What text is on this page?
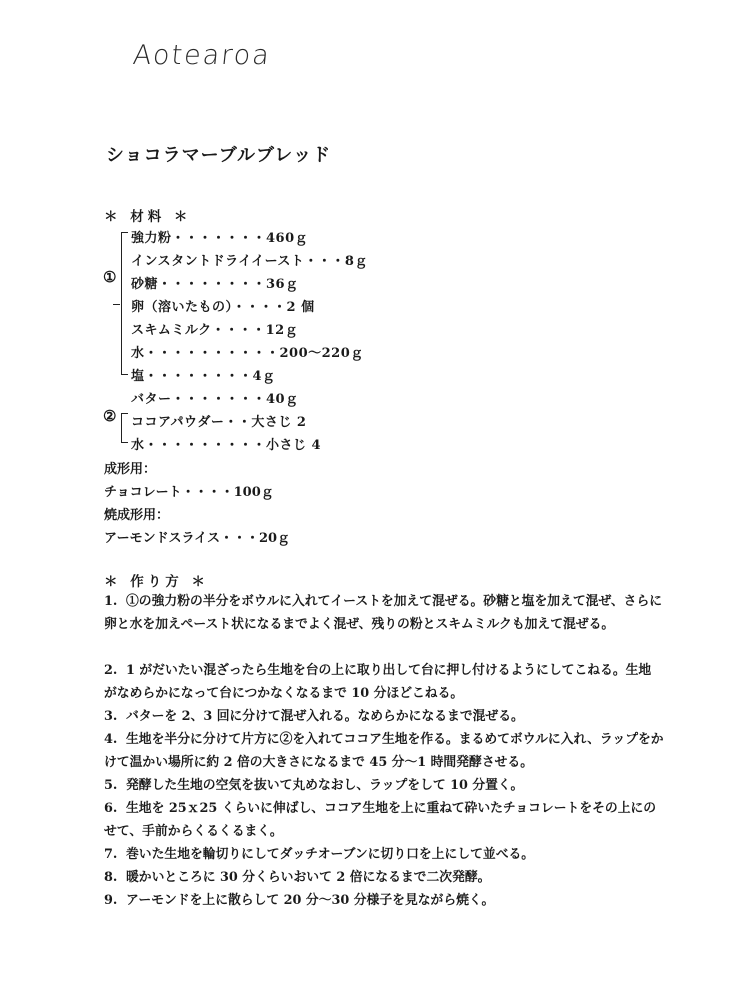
Aotearoa
ショコラマーブルブレッド
＊ 材料 ＊
①
強力粉・・・・・・・460ｇ
インスタントドライイースト・・・8ｇ
砂糖・・・・・・・・36ｇ
卵（溶いたもの）・・・・2 個
スキムミルク・・・・12ｇ
水・・・・・・・・・・200～220ｇ
塩・・・・・・・・4ｇ
バター・・・・・・・40ｇ
② ココアパウダー・・大さじ 2
水・・・・・・・・・小さじ 4
成形用：
チョコレート・・・・100ｇ
焼成形用：
アーモンドスライス・・・20ｇ
＊ 作り方 ＊
1. ①の強力粉の半分をボウルに入れてイーストを加えて混ぜる。砂糖と塩を加えて混ぜ、さらに卵と水を加えペースト状になるまでよく混ぜ、残りの粉とスキムミルクも加えて混ぜる。
2. 1 がだいたい混ざったら生地を台の上に取り出して台に押し付けるようにしてこねる。生地がなめらかになって台につかなくなるまで 10 分ほどこねる。
3. バターを 2、3 回に分けて混ぜ入れる。なめらかになるまで混ぜる。
4. 生地を半分に分けて片方に②を入れてココア生地を作る。まるめてボウルに入れ、ラップをかけて温かい場所に約 2 倍の大きさになるまで 45 分～1 時間発酵させる。
5. 発酵した生地の空気を抜いて丸めなおし、ラップをして 10 分置く。
6. 生地を 25ｘ25 くらいに伸ばし、ココア生地を上に重ねて砕いたチョコレートをその上にのせて、手前からくるくるまく。
7. 巻いた生地を輪切りにしてダッチオーブンに切り口を上にして並べる。
8. 暖かいところに 30 分くらいおいて 2 倍になるまで二次発酵。
9. アーモンドを上に散らして 20 分～30 分様子を見ながら焼く。
